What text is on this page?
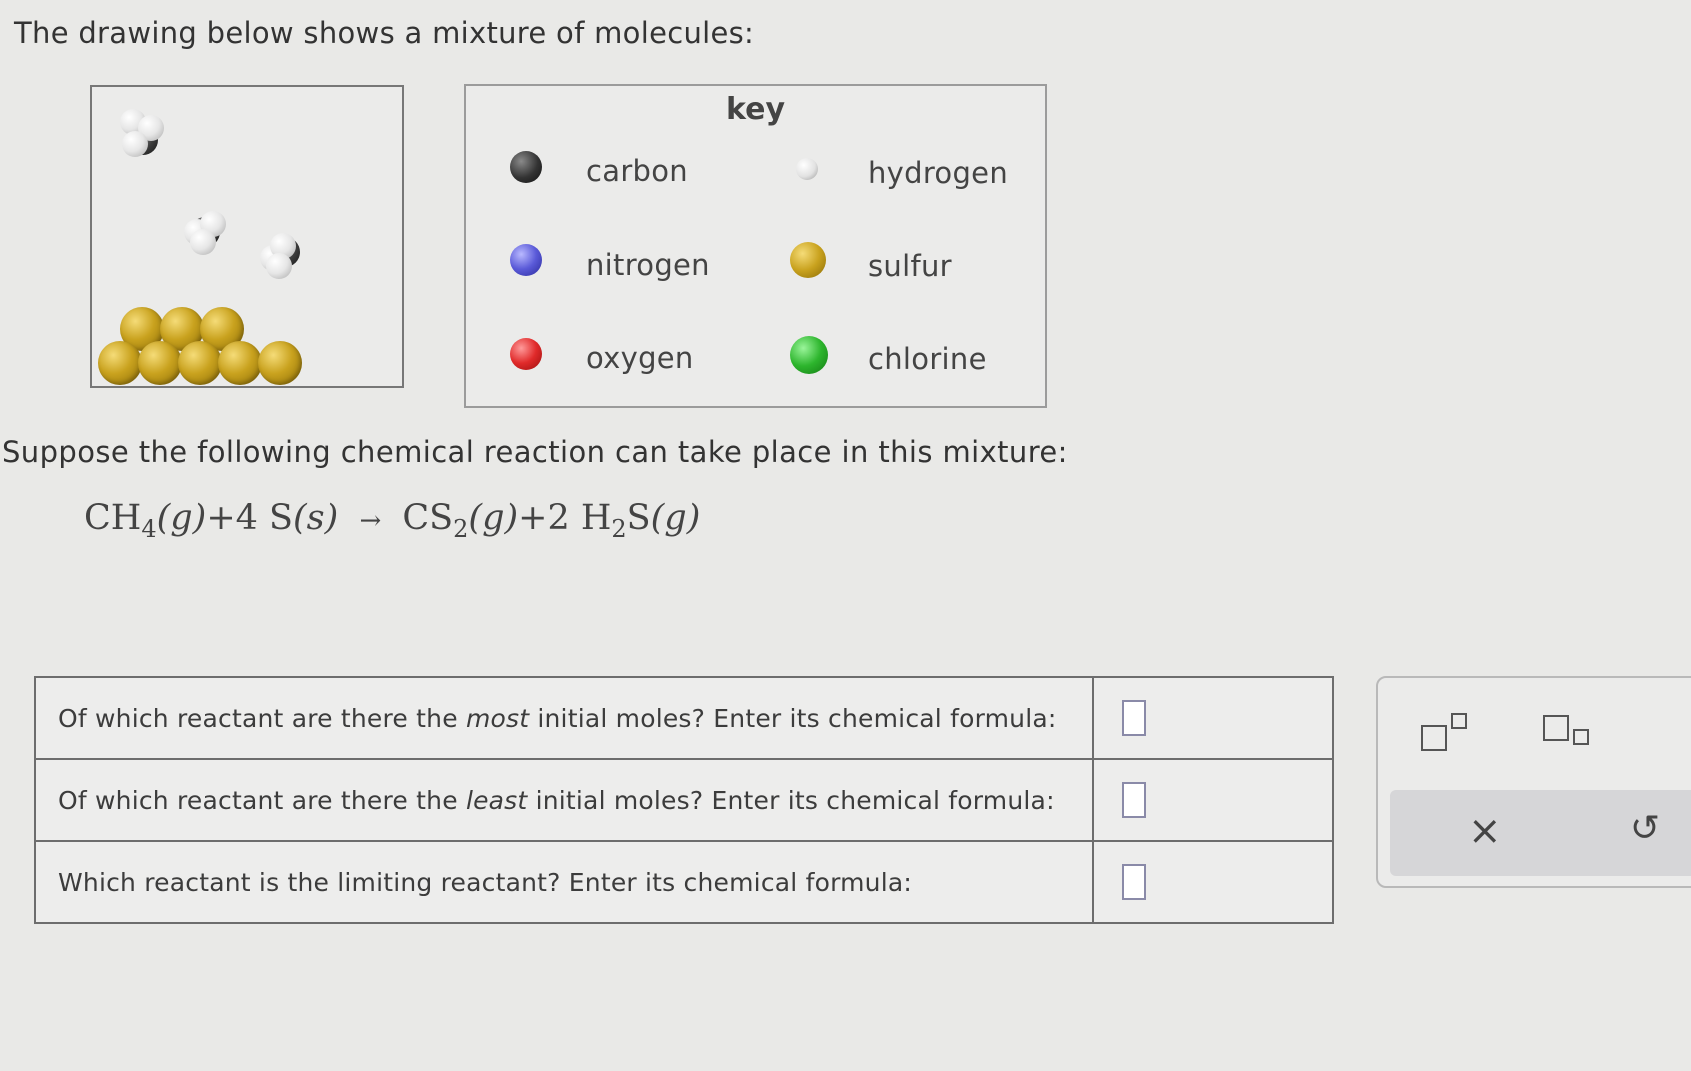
The drawing below shows a mixture of molecules:
key
carbon	hydrogen
nitrogen	sulfur
oxygen	chlorine
Suppose the following chemical reaction can take place in this mixture:
$CH_4(g)+4$ $S(s) \to CS_2(g)+2$ $H_2S(g)$
Of which reactant are there the most initial moles? Enter its chemical formula:	
Of which reactant are there the least initial moles? Enter its chemical formula:	
Which reactant is the limiting reactant? Enter its chemical formula:	
×	↺
